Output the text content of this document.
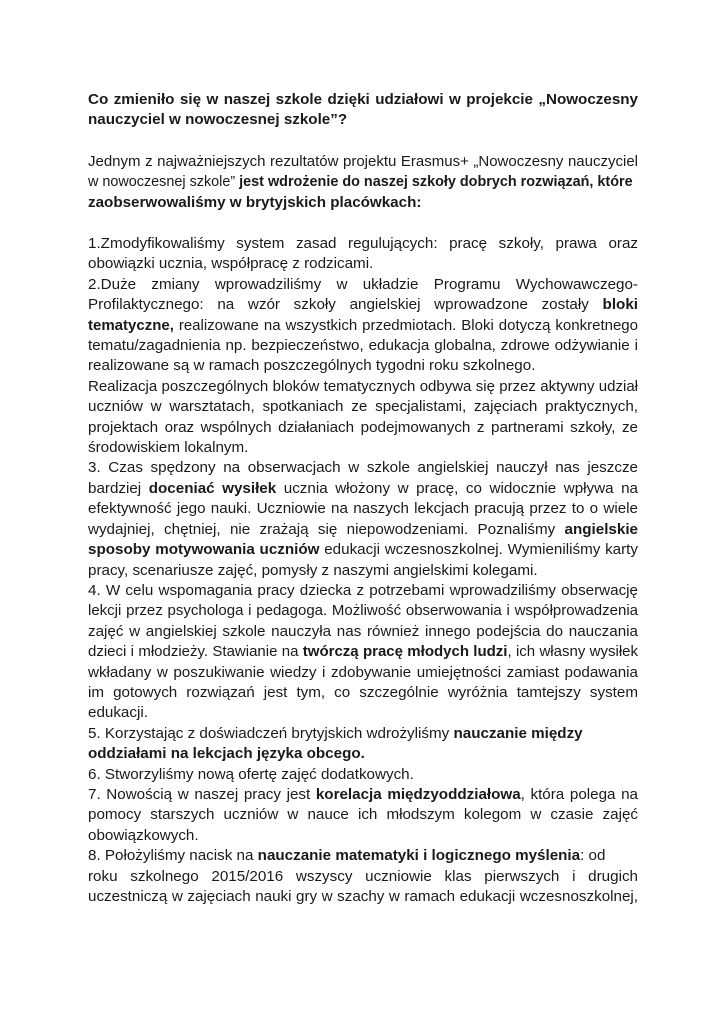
Co zmieniło się w naszej szkole dzięki udziałowi w projekcie „Nowoczesny
nauczyciel w nowoczesnej szkole”?
Jednym z najważniejszych rezultatów projektu Erasmus+ „Nowoczesny nauczyciel
w nowoczesnej szkole” jest wdrożenie do naszej szkoły dobrych rozwiązań, które
zaobserwowaliśmy w brytyjskich placówkach:
1.Zmodyfikowaliśmy system zasad regulujących: pracę szkoły, prawa oraz
obowiązki ucznia, współpracę z rodzicami.
2.Duże zmiany wprowadziliśmy w układzie Programu Wychowawczego-
Profilaktycznego: na wzór szkoły angielskiej wprowadzone zostały bloki
tematyczne, realizowane na wszystkich przedmiotach. Bloki dotyczą konkretnego
tematu/zagadnienia np. bezpieczeństwo, edukacja globalna, zdrowe odżywianie i
realizowane są w ramach poszczególnych tygodni roku szkolnego.
Realizacja poszczególnych bloków tematycznych odbywa się przez aktywny udział
uczniów w warsztatach, spotkaniach ze specjalistami, zajęciach praktycznych,
projektach oraz wspólnych działaniach podejmowanych z partnerami szkoły, ze
środowiskiem lokalnym.
3. Czas spędzony na obserwacjach w szkole angielskiej nauczył nas jeszcze
bardziej doceniać wysiłek ucznia włożony w pracę, co widocznie wpływa na
efektywność jego nauki. Uczniowie na naszych lekcjach pracują przez to o wiele
wydajniej, chętniej, nie zrażają się niepowodzeniami. Poznaliśmy angielskie
sposoby motywowania uczniów edukacji wczesnoszkolnej. Wymieniliśmy karty
pracy, scenariusze zajęć, pomysły z naszymi angielskimi kolegami.
4. W celu wspomagania pracy dziecka z potrzebami wprowadziliśmy obserwację
lekcji przez psychologa i pedagoga. Możliwość obserwowania i współprowadzenia
zajęć w angielskiej szkole nauczyła nas również innego podejścia do nauczania
dzieci i młodzieży. Stawianie na twórczą pracę młodych ludzi, ich własny wysiłek
wkładany w poszukiwanie wiedzy i zdobywanie umiejętności zamiast podawania
im gotowych rozwiązań jest tym, co szczególnie wyróżnia tamtejszy system
edukacji.
5. Korzystając z doświadczeń brytyjskich wdrożyliśmy nauczanie między
oddziałami na lekcjach języka obcego.
6. Stworzyliśmy nową ofertę zajęć dodatkowych.
7. Nowością w naszej pracy jest korelacja międzyoddziałowa, która polega na
pomocy starszych uczniów w nauce ich młodszym kolegom w czasie zajęć
obowiązkowych.
8. Położyliśmy nacisk na nauczanie matematyki i logicznego myślenia: od
roku szkolnego 2015/2016 wszyscy uczniowie klas pierwszych i drugich
uczestniczą w zajęciach nauki gry w szachy w ramach edukacji wczesnoszkolnej,
